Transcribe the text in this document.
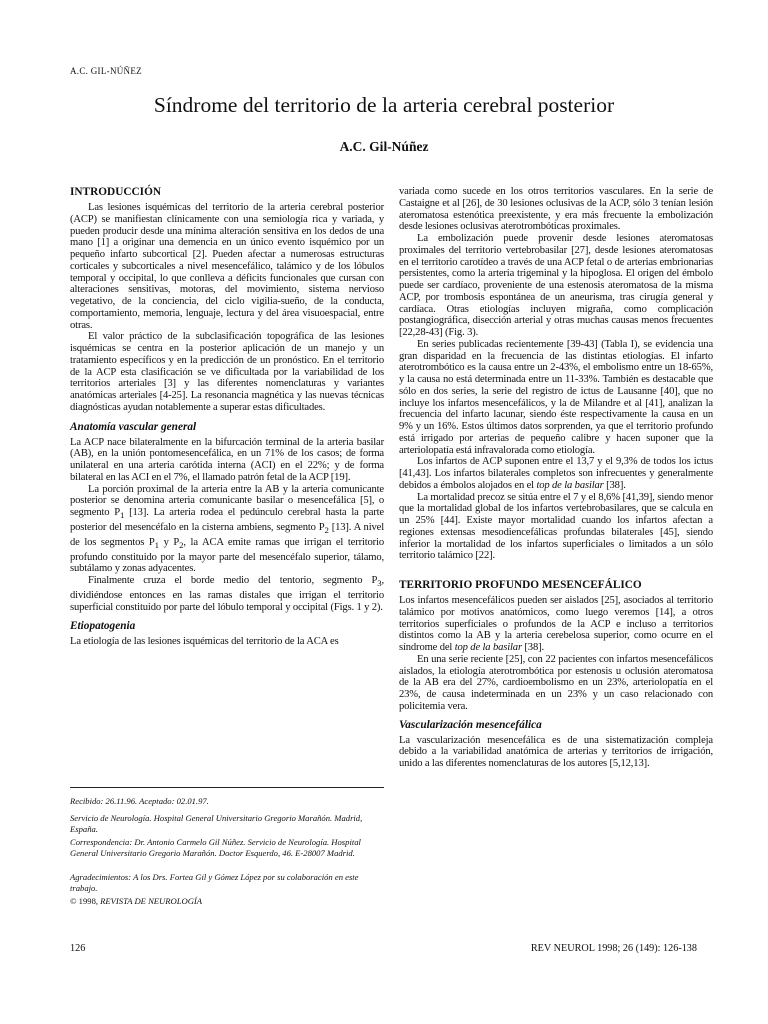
A.C. GIL-NÚÑEZ
Síndrome del territorio de la arteria cerebral posterior
A.C. Gil-Núñez
INTRODUCCIÓN

Las lesiones isquémicas del territorio de la arteria cerebral posterior (ACP) se manifiestan clínicamente con una semiología rica y variada, y pueden producir desde una mínima alteración sensitiva en los dedos de una mano [1] a originar una demencia en un único evento isquémico por un pequeño infarto subcortical [2]. Pueden afectar a numerosas estructuras corticales y subcorticales a nivel mesencefálico, talámico y de los lóbulos temporal y occipital, lo que conlleva a déficits funcionales que cursan con alteraciones sensitivas, motoras, del movimiento, sistema nervioso vegetativo, de la conciencia, del ciclo vigilia-sueño, de la conducta, comportamiento, memoria, lenguaje, lectura y del área visuoespacial, entre otras.

El valor práctico de la subclasificación topográfica de las lesiones isquémicas se centra en la posterior aplicación de un manejo y un tratamiento específicos y en la predicción de un pronóstico. En el territorio de la ACP esta clasificación se ve dificultada por la variabilidad de los territorios arteriales [3] y las diferentes nomenclaturas y variantes anatómicas arteriales [4-25]. La resonancia magnética y las nuevas técnicas diagnósticas ayudan notablemente a superar estas dificultades.

Anatomía vascular general

La ACP nace bilateralmente en la bifurcación terminal de la arteria basilar (AB), en la unión pontomesencefálica, en un 71% de los casos; de forma unilateral en una arteria carótida interna (ACI) en el 22%; y de forma bilateral en las ACI en el 7%, el llamado patrón fetal de la ACP [19].

La porción proximal de la arteria entre la AB y la arteria comunicante posterior se denomina arteria comunicante basilar o mesencefálica [5], o segmento $P_1$ [13]. La arteria rodea el pedúnculo cerebral hasta la parte posterior del mesencéfalo en la cisterna ambiens, segmento $P_2$ [13]. A nivel de los segmentos $P_1$ y $P_2$, la ACA emite ramas que irrigan el territorio profundo constituido por la mayor parte del mesencéfalo superior, tálamo, subtálamo y zonas adyacentes.

Finalmente cruza el borde medio del tentorio, segmento $P_3$, dividiéndose entonces en las ramas distales que irrigan el territorio superficial constituido por parte del lóbulo temporal y occipital (Figs. 1 y 2).

Etiopatogenia

La etiología de las lesiones isquémicas del territorio de la ACA es

Recibido: 26.11.96. Aceptado: 02.01.97.
Servicio de Neurología. Hospital General Universitario Gregorio Marañón. Madrid, España.
Correspondencia: Dr. Antonio Carmelo Gil Núñez. Servicio de Neurología. Hospital General Universitario Gregorio Marañón. Doctor Esquerdo, 46. E-28007 Madrid.
Agradecimientos: A los Drs. Fortea Gil y Gómez López por su colaboración en este trabajo.
© 1998, REVISTA DE NEUROLOGÍA

variada como sucede en los otros territorios vasculares. En la serie de Castaigne et al [26], de 30 lesiones oclusivas de la ACP, sólo 3 tenían lesión ateromatosa estenótica preexistente, y era más frecuente la embolización desde lesiones oclusivas aterotrombóticas proximales.

La embolización puede provenir desde lesiones ateromatosas proximales del territorio vertebrobasilar [27], desde lesiones ateromatosas en el territorio carotídeo a través de una ACP fetal o de arterias embrionarias persistentes, como la arteria trigeminal y la hipoglosa. El origen del émbolo puede ser cardíaco, proveniente de una estenosis ateromatosa de la misma ACP, por trombosis espontánea de un aneurisma, tras cirugía general y cardíaca. Otras etiologías incluyen migraña, como complicación postangiográfica, disección arterial y otras muchas causas menos frecuentes [22,28-43] (Fig. 3).

En series publicadas recientemente [39-43] (Tabla I), se evidencia una gran disparidad en la frecuencia de las distintas etiologías. El infarto aterotrombótico es la causa entre un 2-43%, el embolismo entre un 18-65%, y la causa no está determinada entre un 11-33%. También es destacable que sólo en dos series, la serie del registro de ictus de Lausanne [40], que no incluye los infartos mesencefálicos, y la de Milandre et al [41], analizan la frecuencia del infarto lacunar, siendo éste respectivamente la causa en un 9% y un 16%. Estos últimos datos sorprenden, ya que el territorio profundo está irrigado por arterias de pequeño calibre y hacen suponer que la arteriolopatía está infravalorada como etiología.

Los infartos de ACP suponen entre el 13,7 y el 9,3% de todos los ictus [41,43]. Los infartos bilaterales completos son infrecuentes y generalmente debidos a émbolos alojados en el top de la basilar [38].

La mortalidad precoz se sitúa entre el 7 y el 8,6% [41,39], siendo menor que la mortalidad global de los infartos vertebrobasilares, que se calcula en un 25% [44]. Existe mayor mortalidad cuando los infartos afectan a regiones extensas mesodiencefálicas profundas bilaterales [45], siendo inferior la mortalidad de los infartos superficiales o limitados a un sólo territorio talámico [22].

TERRITORIO PROFUNDO MESENCEFÁLICO

Los infartos mesencefálicos pueden ser aislados [25], asociados al territorio talámico por motivos anatómicos, como luego veremos [14], a otros territorios superficiales o profundos de la ACP e incluso a territorios distintos como la AB y la arteria cerebelosa superior, como ocurre en el síndrome del top de la basilar [38].

En una serie reciente [25], con 22 pacientes con infartos mesencefálicos aislados, la etiología aterotrombótica por estenosis u oclusión ateromatosa de la AB era del 27%, cardioembolismo en un 23%, arteriolopatía en el 23%, de causa indeterminada en un 23% y un caso relacionado con policitemia vera.

Vascularización mesencefálica

La vascularización mesencefálica es de una sistematización compleja debido a la variabilidad anatómica de arterias y territorios de irrigación, unido a las diferentes nomenclaturas de los autores [5,12,13].

126	REV NEUROL 1998; 26 (149): 126-138
